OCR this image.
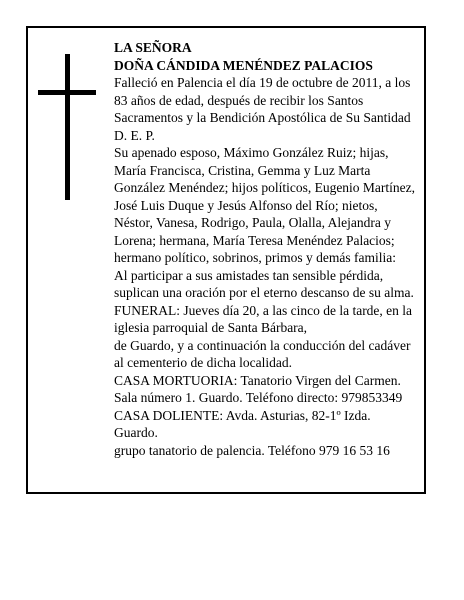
LA SEÑORA
DOÑA CÁNDIDA MENÉNDEZ PALACIOS
Falleció en Palencia el día 19 de octubre de 2011, a los
83 años de edad, después de recibir los Santos
Sacramentos y la Bendición Apostólica de Su Santidad
D. E. P.
Su apenado esposo, Máximo González Ruiz; hijas,
María Francisca, Cristina, Gemma y Luz Marta
González Menéndez; hijos políticos, Eugenio Martínez,
José Luis Duque y Jesús Alfonso del Río; nietos,
Néstor, Vanesa, Rodrigo, Paula, Olalla, Alejandra y
Lorena; hermana, María Teresa Menéndez Palacios;
hermano político, sobrinos, primos y demás familia:
Al participar a sus amistades tan sensible pérdida,
suplican una oración por el eterno descanso de su alma.
FUNERAL: Jueves día 20, a las cinco de la tarde, en la
iglesia parroquial de Santa Bárbara,
de Guardo, y a continuación la conducción del cadáver
al cementerio de dicha localidad.
CASA MORTUORIA: Tanatorio Virgen del Carmen.
Sala número 1. Guardo. Teléfono directo: 979853349
CASA DOLIENTE: Avda. Asturias, 82-1º Izda.
Guardo.
grupo tanatorio de palencia. Teléfono 979 16 53 16
